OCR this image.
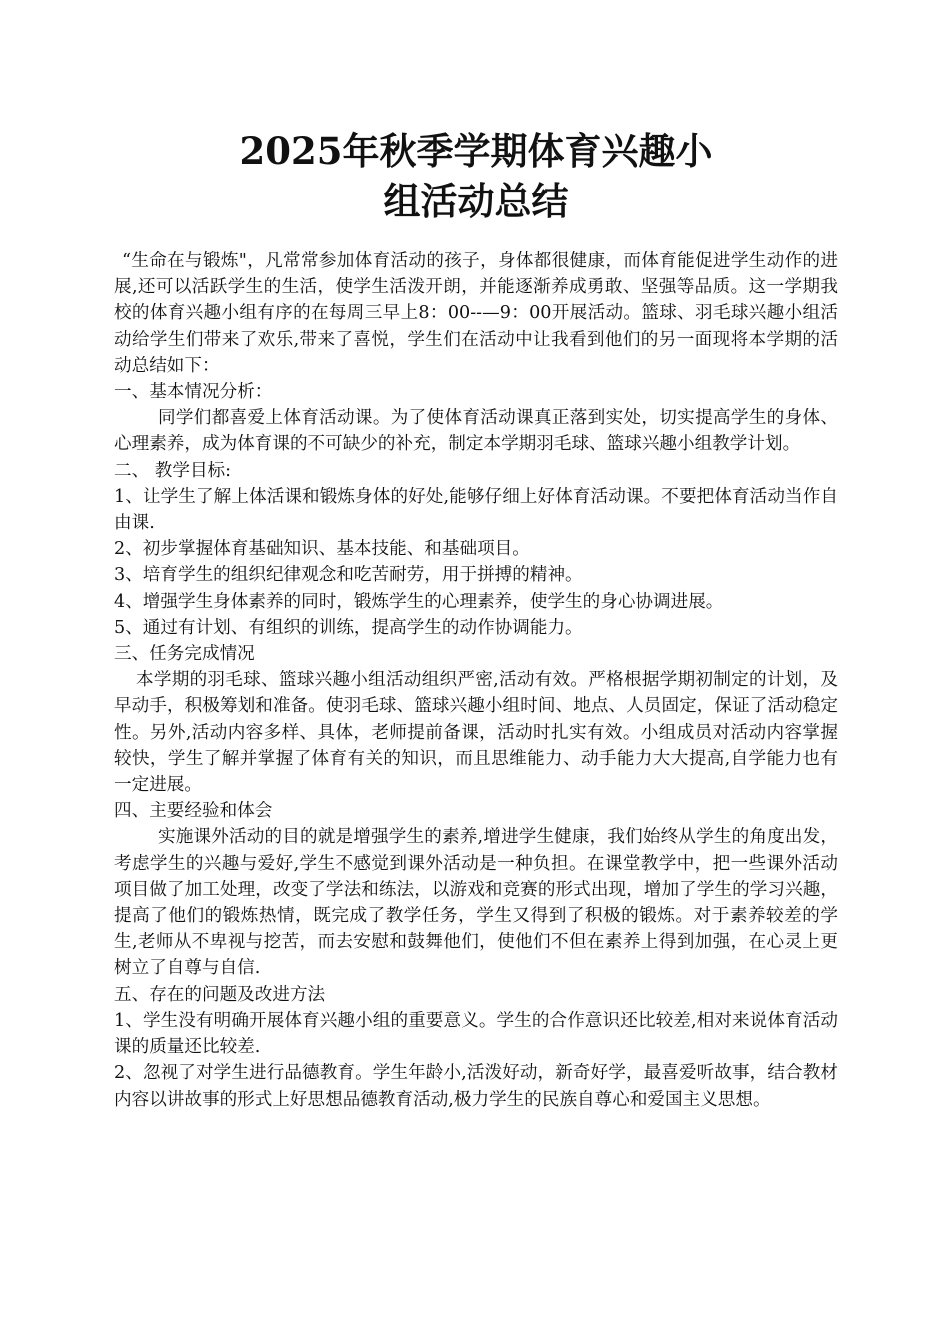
2025年秋季学期体育兴趣小
组活动总结

“生命在与锻炼"，凡常常参加体育活动的孩子，身体都很健康，而体育能促进学生动作的进展,还可以活跃学生的生活，使学生活泼开朗，并能逐渐养成勇敢、坚强等品质。这一学期我校的体育兴趣小组有序的在每周三早上8：00--—9：00开展活动。篮球、羽毛球兴趣小组活动给学生们带来了欢乐,带来了喜悦，学生们在活动中让我看到他们的另一面现将本学期的活动总结如下：

一、基本情况分析：

同学们都喜爱上体育活动课。为了使体育活动课真正落到实处，切实提高学生的身体、心理素养，成为体育课的不可缺少的补充，制定本学期羽毛球、篮球兴趣小组教学计划。

二、 教学目标:

1、让学生了解上体活课和锻炼身体的好处,能够仔细上好体育活动课。不要把体育活动当作自由课.

2、初步掌握体育基础知识、基本技能、和基础项目。

3、培育学生的组织纪律观念和吃苦耐劳，用于拼搏的精神。

4、增强学生身体素养的同时，锻炼学生的心理素养，使学生的身心协调进展。

5、通过有计划、有组织的训练，提高学生的动作协调能力。

三、任务完成情况

本学期的羽毛球、篮球兴趣小组活动组织严密,活动有效。严格根据学期初制定的计划，及早动手，积极筹划和准备。使羽毛球、篮球兴趣小组时间、地点、人员固定，保证了活动稳定性。另外,活动内容多样、具体，老师提前备课，活动时扎实有效。小组成员对活动内容掌握较快，学生了解并掌握了体育有关的知识，而且思维能力、动手能力大大提高,自学能力也有一定进展。

四、主要经验和体会

实施课外活动的目的就是增强学生的素养,增进学生健康，我们始终从学生的角度出发，考虑学生的兴趣与爱好,学生不感觉到课外活动是一种负担。在课堂教学中，把一些课外活动项目做了加工处理，改变了学法和练法，以游戏和竞赛的形式出现，增加了学生的学习兴趣，提高了他们的锻炼热情，既完成了教学任务，学生又得到了积极的锻炼。对于素养较差的学生,老师从不卑视与挖苦，而去安慰和鼓舞他们，使他们不但在素养上得到加强，在心灵上更树立了自尊与自信.

五、存在的问题及改进方法

1、学生没有明确开展体育兴趣小组的重要意义。学生的合作意识还比较差,相对来说体育活动课的质量还比较差.

2、忽视了对学生进行品德教育。学生年龄小,活泼好动，新奇好学，最喜爱听故事，结合教材内容以讲故事的形式上好思想品德教育活动,极力学生的民族自尊心和爱国主义思想。
